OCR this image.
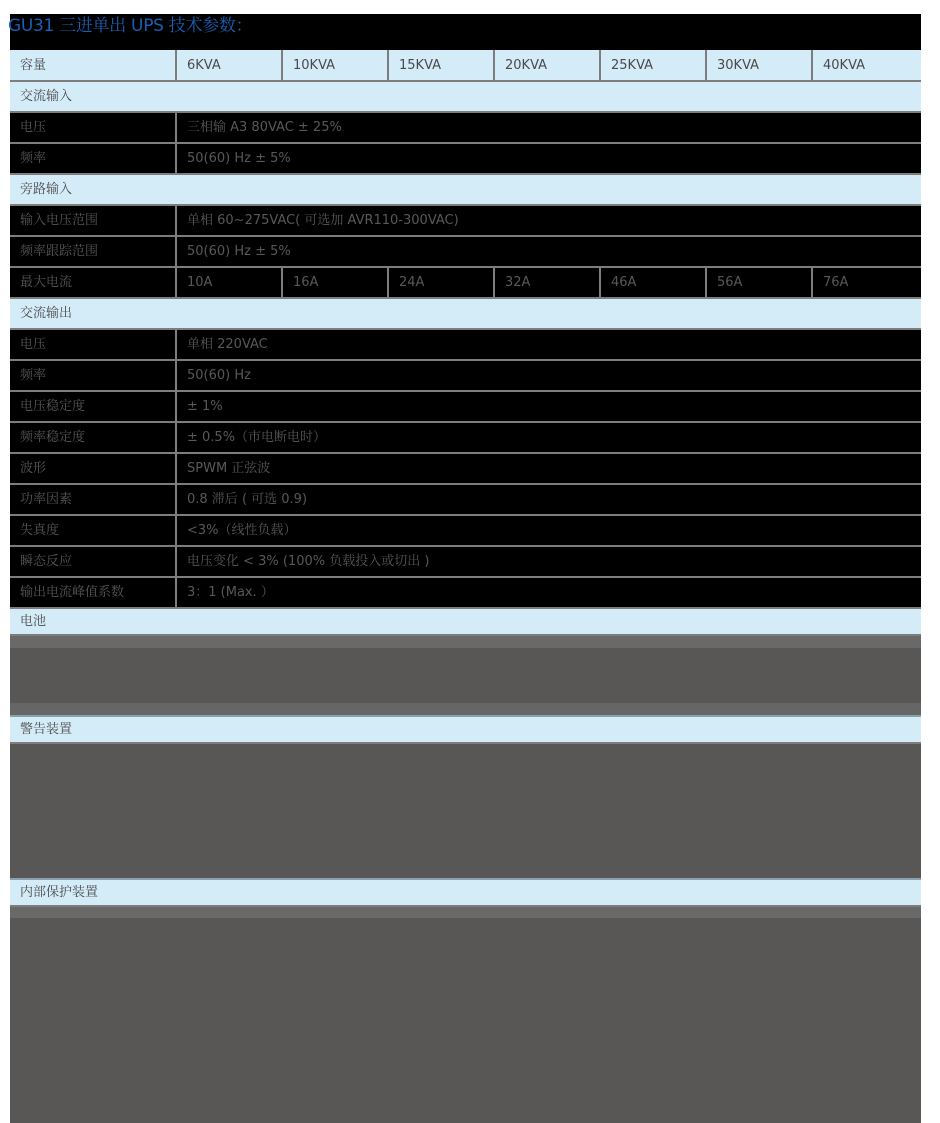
GU31 三进单出 UPS 技术参数：
容量	6KVA	10KVA	15KVA	20KVA	25KVA	30KVA	40KVA
交流输入							
电压	三相输 A3 80VAC ± 25%						
频率	50(60) Hz ± 5%						
旁路输入							
输入电压范围	单相 60~275VAC( 可选加 AVR110-300VAC)						
频率跟踪范围	50(60) Hz ± 5%						
最大电流	10A	16A	24A	32A	46A	56A	76A
交流输出							
电压	单相 220VAC						
频率	50(60) Hz						
电压稳定度	± 1%						
频率稳定度	± 0.5%（市电断电时）						
波形	SPWM 正弦波						
功率因素	0.8 滞后 ( 可选 0.9)						
失真度	<3%（线性负载）						
瞬态反应	电压变化 < 3% (100% 负载投入或切出 )						
输出电流峰值系数	3：1 (Max. ）						
电池							
警告装置
内部保护装置
